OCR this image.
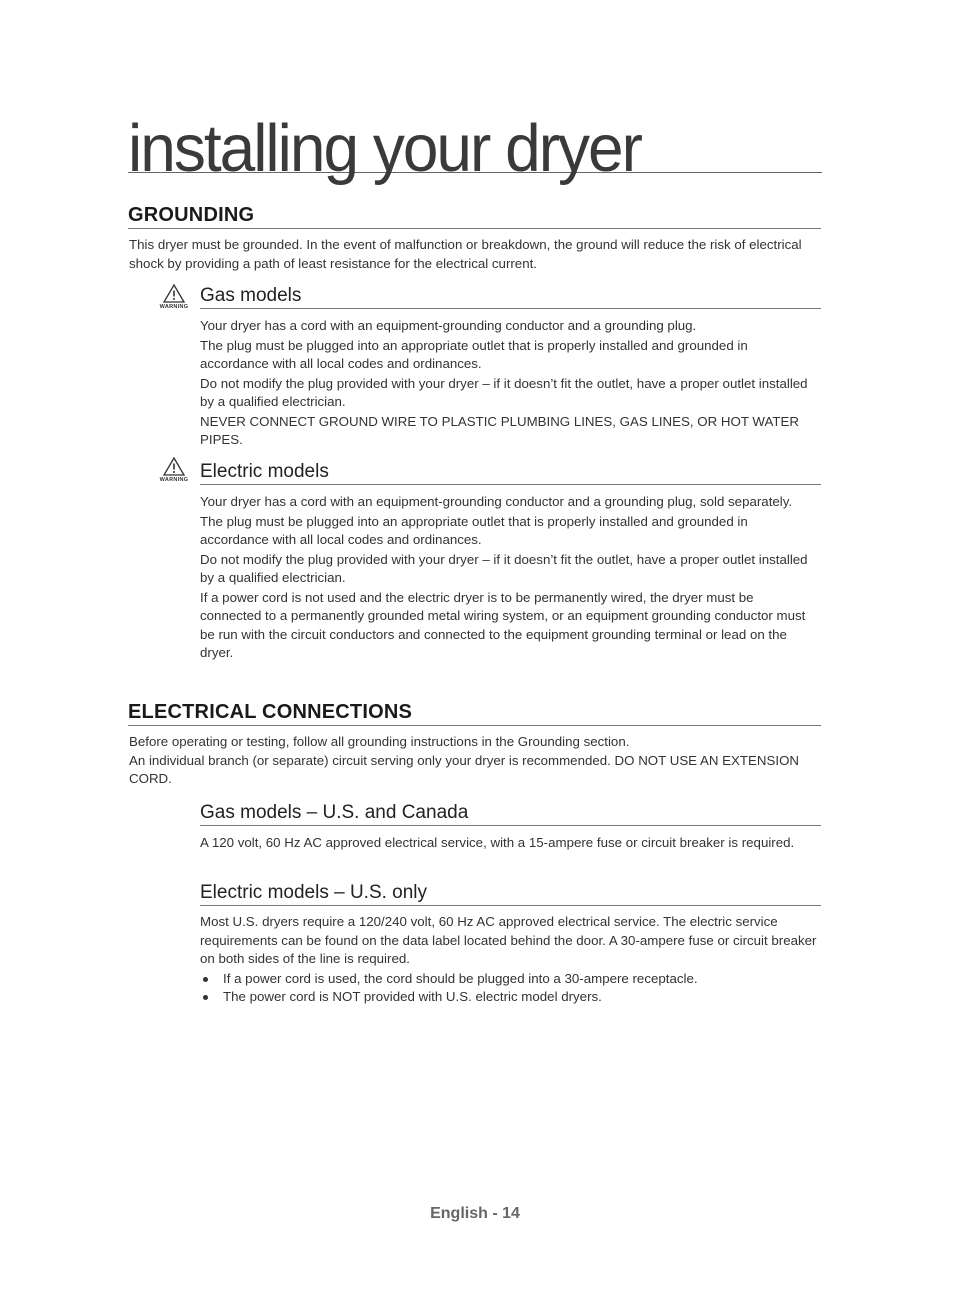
installing your dryer
GROUNDING

This dryer must be grounded. In the event of malfunction or breakdown, the ground will reduce the risk of electrical shock by providing a path of least resistance for the electrical current.

WARNING
Gas models

Your dryer has a cord with an equipment-grounding conductor and a grounding plug.

The plug must be plugged into an appropriate outlet that is properly installed and grounded in accordance with all local codes and ordinances.

Do not modify the plug provided with your dryer – if it doesn’t fit the outlet, have a proper outlet installed by a qualified electrician.

NEVER CONNECT GROUND WIRE TO PLASTIC PLUMBING LINES, GAS LINES, OR HOT WATER PIPES.

WARNING Electric models

Your dryer has a cord with an equipment-grounding conductor and a grounding plug, sold separately.

The plug must be plugged into an appropriate outlet that is properly installed and grounded in accordance with all local codes and ordinances.

Do not modify the plug provided with your dryer – if it doesn’t fit the outlet, have a proper outlet installed by a qualified electrician.

If a power cord is not used and the electric dryer is to be permanently wired, the dryer must be connected to a permanently grounded metal wiring system, or an equipment grounding conductor must be run with the circuit conductors and connected to the equipment grounding terminal or lead on the dryer.

ELECTRICAL CONNECTIONS

Before operating or testing, follow all grounding instructions in the Grounding section.

An individual branch (or separate) circuit serving only your dryer is recommended. DO NOT USE AN EXTENSION CORD.

Gas models – U.S. and Canada

A 120 volt, 60 Hz AC approved electrical service, with a 15-ampere fuse or circuit breaker is required.

Electric models – U.S. only

Most U.S. dryers require a 120/240 volt, 60 Hz AC approved electrical service. The electric service requirements can be found on the data label located behind the door. A 30-ampere fuse or circuit breaker on both sides of the line is required.

If a power cord is used, the cord should be plugged into a 30-ampere receptacle.
The power cord is NOT provided with U.S. electric model dryers.
English - 14
